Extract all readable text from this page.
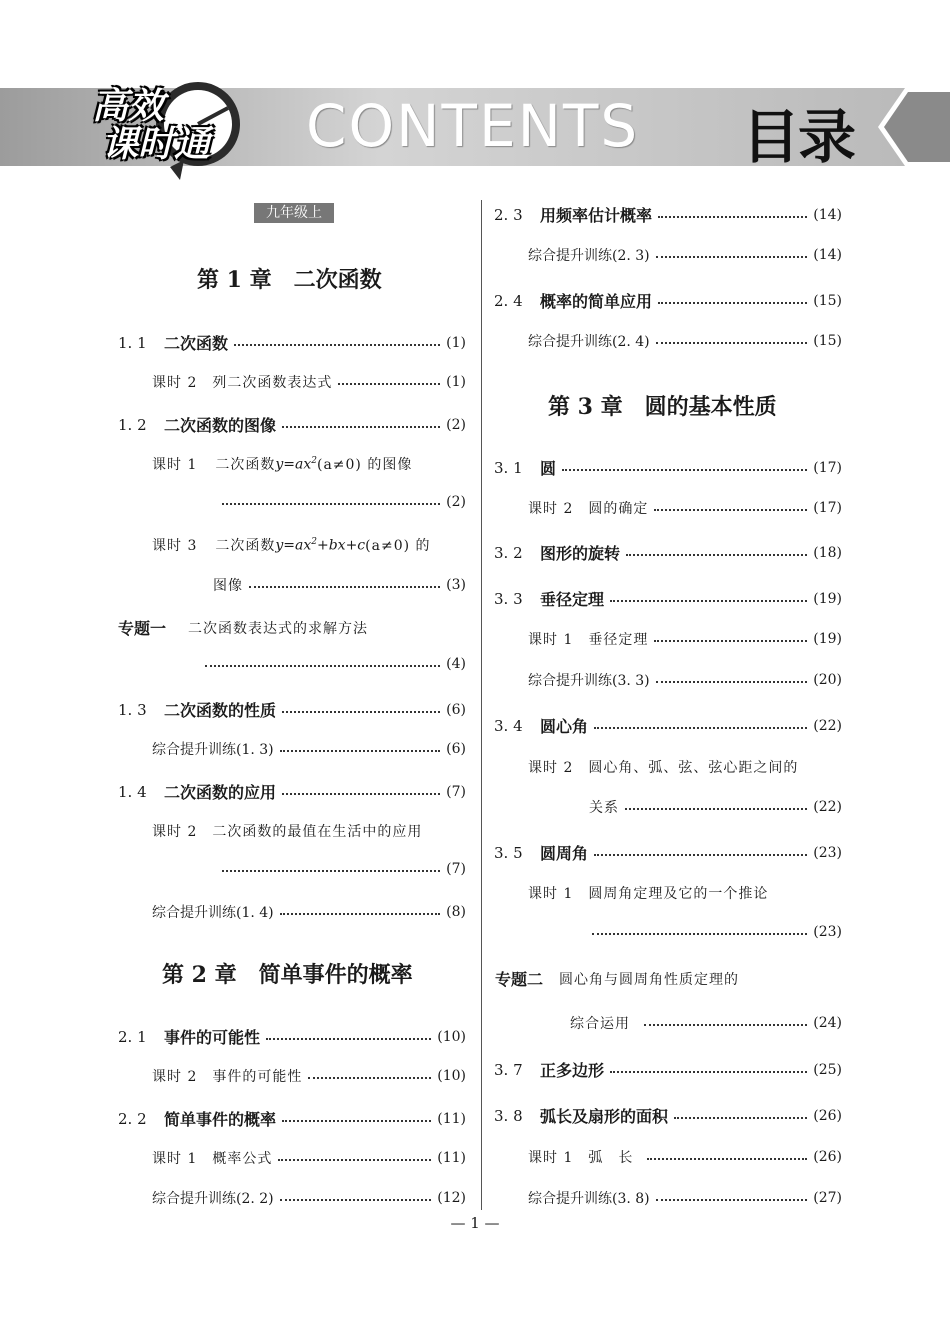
高效
课时通 CONTENTS 目录
九年级上
第 1 章　二次函数
1. 1	二次函数	(1)
课时 2　列二次函数表达式	(1)
1. 2	二次函数的图像	(2)
课时 1 二次函数 $y=ax^2$ (a≠0) 的图像
(2)
课时 3 二次函数 $y=ax^2+bx+c$ (a≠0) 的
图像	(3)
专题一 二次函数表达式的求解方法
(4)
1. 3	二次函数的性质	(6)
综合提升训练(1. 3)	(6)
1. 4	二次函数的应用	(7)
课时 2　二次函数的最值在生活中的应用
(7)
综合提升训练(1. 4)	(8)
第 2 章　简单事件的概率
2. 1	事件的可能性	(10)
课时 2　事件的可能性	(10)
2. 2	简单事件的概率	(11)
课时 1　概率公式	(11)
综合提升训练(2. 2)	(12)
2. 3	用频率估计概率	(14)
综合提升训练(2. 3)	(14)
2. 4	概率的简单应用	(15)
综合提升训练(2. 4)	(15)
第 3 章　圆的基本性质
3. 1	圆	(17)
课时 2　圆的确定	(17)
3. 2	图形的旋转	(18)
3. 3	垂径定理	(19)
课时 1　垂径定理	(19)
综合提升训练(3. 3)	(20)
3. 4	圆心角	(22)
课时 2　圆心角、弧、弦、弦心距之间的
关系	(22)
3. 5	圆周角	(23)
课时 1　圆周角定理及它的一个推论
(23)
专题二 圆心角与圆周角性质定理的
综合运用	(24)
3. 7	正多边形	(25)
3. 8	弧长及扇形的面积	(26)
课时 1　弧　长	(26)
综合提升训练(3. 8)	(27)
— 1 —
